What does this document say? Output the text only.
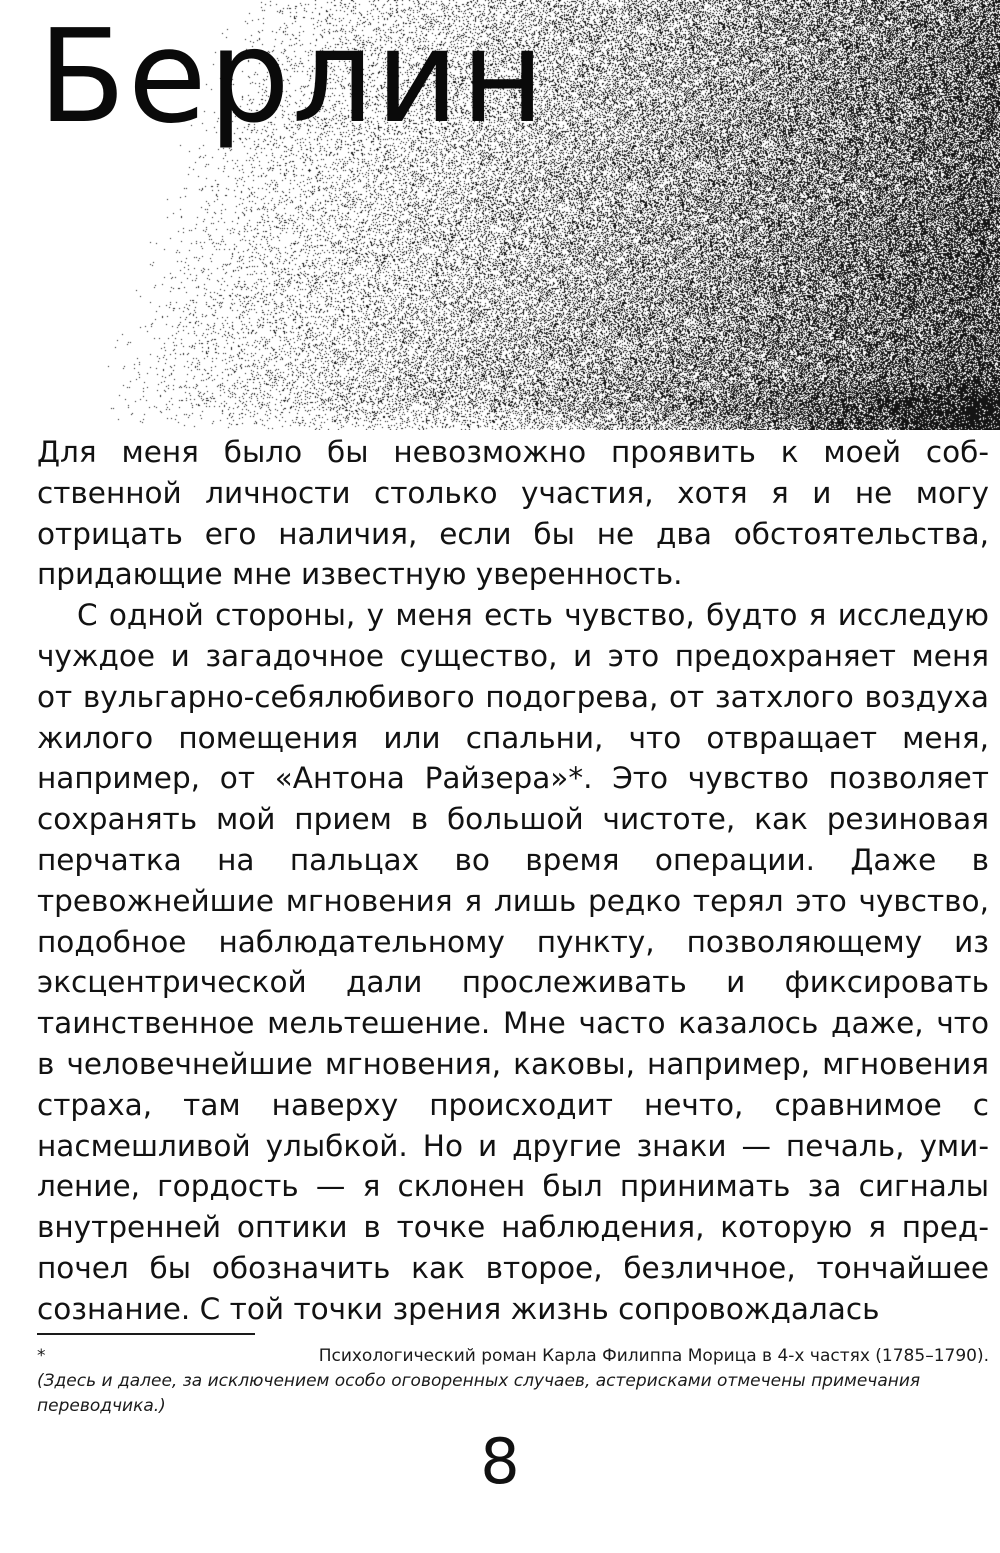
Берлин

Для меня было бы невозможно проявить к моей собственной личности столько участия, хотя я и не могу отрицать его наличия, если бы не два обстоятельства, придающие мне известную уверенность.

С одной стороны, у меня есть чувство, будто я исследую чуждое и загадочное существо, и это предохраняет меня от вульгарно-себялюбивого подогрева, от затхлого воздуха жилого помещения или спальни, что отвращает меня, например, от «Антона Райзера»*. Это чувство позволяет сохранять мой прием в большой чистоте, как резиновая перчатка на пальцах во время операции. Даже в тревожнейшие мгновения я лишь редко терял это чувство, подобное наблюдательному пункту, позволяющему из эксцентрической дали прослеживать и фиксировать таинственное мельтешение. Мне часто казалось даже, что в человечнейшие мгновения, каковы, например, мгновения страха, там наверху происходит нечто, сравнимое с насмешливой улыбкой. Но и другие знаки — печаль, умиление, гордость — я склонен был принимать за сигналы внутренней оптики в точке наблюдения, которую я предпочел бы обозначить как второе, безличное, тончайшее сознание. С той точки зрения жизнь сопровождалась

*	Психологический роман Карла Филиппа Морица в 4-х частях (1785–1790).

(Здесь и далее, за исключением особо оговоренных случаев, астерисками отмечены примечания переводчика.)

8
